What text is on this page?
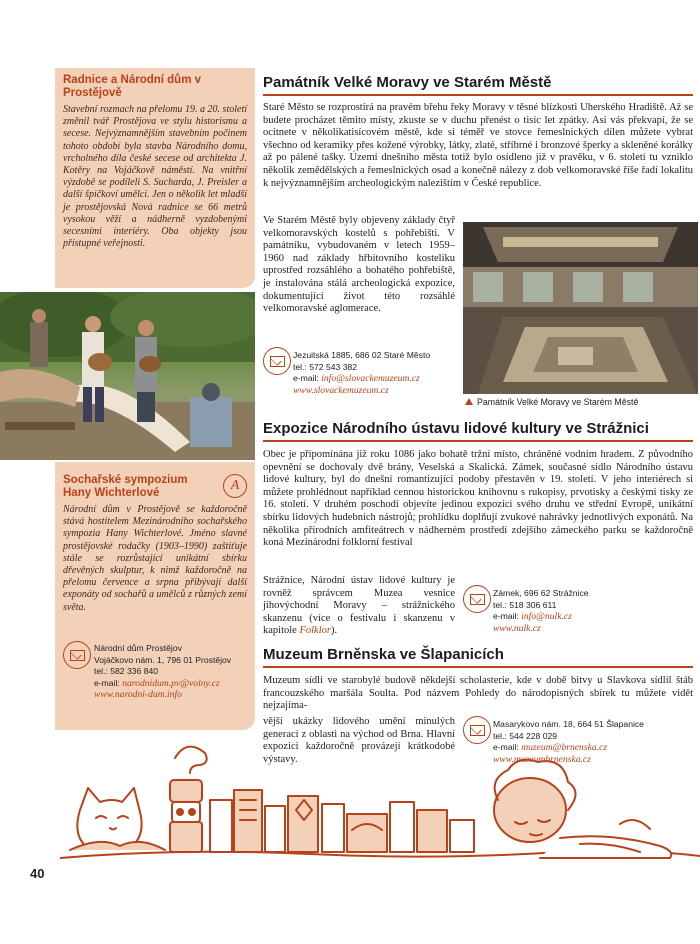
Radnice a Národní dům v Prostějově
Stavební rozmach na přelomu 19. a 20. století změnil tvář Prostějova ve stylu historismu a secese. Nejvýznamnějším stavebním počinem tohoto období byla stavba Národního domu, vrcholného díla české secese od architekta J. Kotěry na Vojáčkově náměstí. Na vnitřní výzdobě se podíleli S. Sucharda, J. Preisler a další špičkoví umělci. Jen o několik let mladší je prostějovská Nová radnice se 66 metrů vysokou věží a nádherně vyzdobenými secesními interiéry. Oba objekty jsou přístupné veřejnosti.
Sochařské sympozium Hany Wichterlové	A
Národní dům v Prostějově se každoročně stává hostitelem Mezinárodního sochařského sympozia Hany Wichterlové. Jméno slavné prostějovské rodačky (1903–1990) zaštiťuje stále se rozrůstající unikátní sbírku dřevěných skulptur, k nimž každoročně na přelomu července a srpna přibývají další exponáty od sochařů a umělců z různých zemí světa.
Národní dům Prostějov
Vojáčkovo nám. 1, 796 01 Prostějov
tel.: 582 336 840
e-mail: narodnidum.pv@volny.cz
www.narodni-dum.info
Památník Velké Moravy ve Starém Městě
Staré Město se rozprostírá na pravém břehu řeky Moravy v těsné blízkosti Uherského Hradiště. Až se budete procházet těmito místy, zkuste se v duchu přenést o tisíc let zpátky. Asi vás překvapí, že se ocitnete v několikatisícovém městě, kde si téměř ve stovce řemeslnických dílen můžete vybrat všechno od keramiky přes kožené výrobky, látky, zlaté, stříbrné i bronzové šperky a skleněné korálky až po pálené tašky. Území dnešního města totiž bylo osídleno již v pravěku, v 6. století tu vzniklo několik zemědělských a řemeslnických osad a konečně nálezy z dob velkomoravské říše řadí lokalitu k nejvýznamnějším archeologickým nalezištím v České republice.
Ve Starém Městě byly objeveny základy čtyř velkomoravských kostelů s pohřebišti. V památníku, vybudovaném v letech 1959–1960 nad základy hřbitovního kostelíku uprostřed rozsáhlého a bohatého pohřebiště, je instalována stálá archeologická expozice, dokumentující život této rozsáhlé velkomoravské aglomerace.
Památník Velké Moravy ve Starém Městě
Jezuitská 1885, 686 02 Staré Město
tel.: 572 543 382
e-mail: info@slovackemuzeum.cz
www.slovackemuzeum.cz
Expozice Národního ústavu lidové kultury ve Strážnici
Obec je připomínána již roku 1086 jako bohatě tržní místo, chráněné vodním hradem. Z původního opevnění se dochovaly dvě brány, Veselská a Skalická. Zámek, současné sídlo Národního ústavu lidové kultury, byl do dnešní romantizující podoby přestavěn v 19. století. V jeho interiérech si můžete prohlédnout například cennou historickou knihovnu s rukopisy, prvotisky a českými tisky ze 16. století. V druhém poschodí objevíte jedinou expozici svého druhu ve střední Evropě, unikátní sbírku lidových hudebních nástrojů; prohlídku doplňují zvukové nahrávky jednotlivých exponátů. Na několika přírodních amfiteátrech v nádherném prostředí zdejšího zámeckého parku se každoročně koná Mezinárodní folklorní festival
Strážnice, Národní ústav lidové kultury je rovněž správcem Muzea vesnice jihovýchodní Moravy – strážnického skanzenu (více o festivalu i skanzenu v kapitole Folklor).
Zámek, 696 62 Strážnice
tel.: 518 306 611
e-mail: info@nulk.cz
www.nulk.cz
Muzeum Brněnska ve Šlapanicích
Muzeum sídlí ve starobylé budově někdejší scholasterie, kde v době bitvy u Slavkova sídlil štáb francouzského maršála Soulta. Pod názvem Pohledy do národopisných sbírek tu můžete vidět nejzajíma-
vější ukázky lidového umění minulých generací z oblasti na východ od Brna. Hlavní expozici každoročně provázejí krátkodobé výstavy.
Masarykovo nám. 18, 664 51 Šlapanice
tel.: 544 228 029
e-mail: muzeum@brnenska.cz
www.muzeumbrnenska.cz
40
